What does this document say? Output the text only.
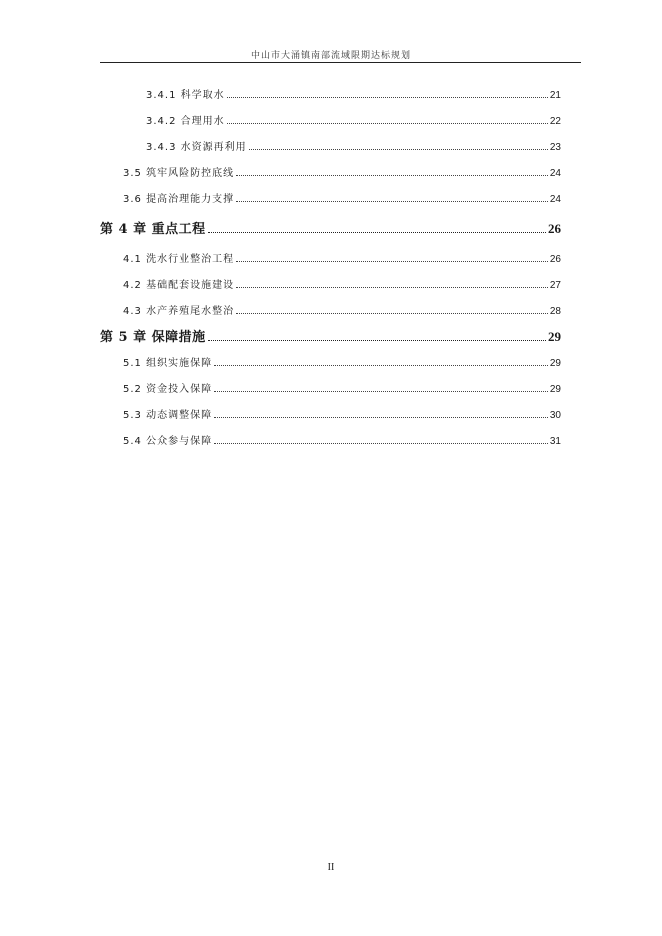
中山市大涌镇南部流域限期达标规划
3.4.1 科学取水	21
3.4.2 合理用水	22
3.4.3 水资源再利用	23
3.5 筑牢风险防控底线	24
3.6 提高治理能力支撑	24
第 4 章 重点工程	26
4.1 洗水行业整治工程	26
4.2 基础配套设施建设	27
4.3 水产养殖尾水整治	28
第 5 章 保障措施	29
5.1 组织实施保障	29
5.2 资金投入保障	29
5.3 动态调整保障	30
5.4 公众参与保障	31
II
